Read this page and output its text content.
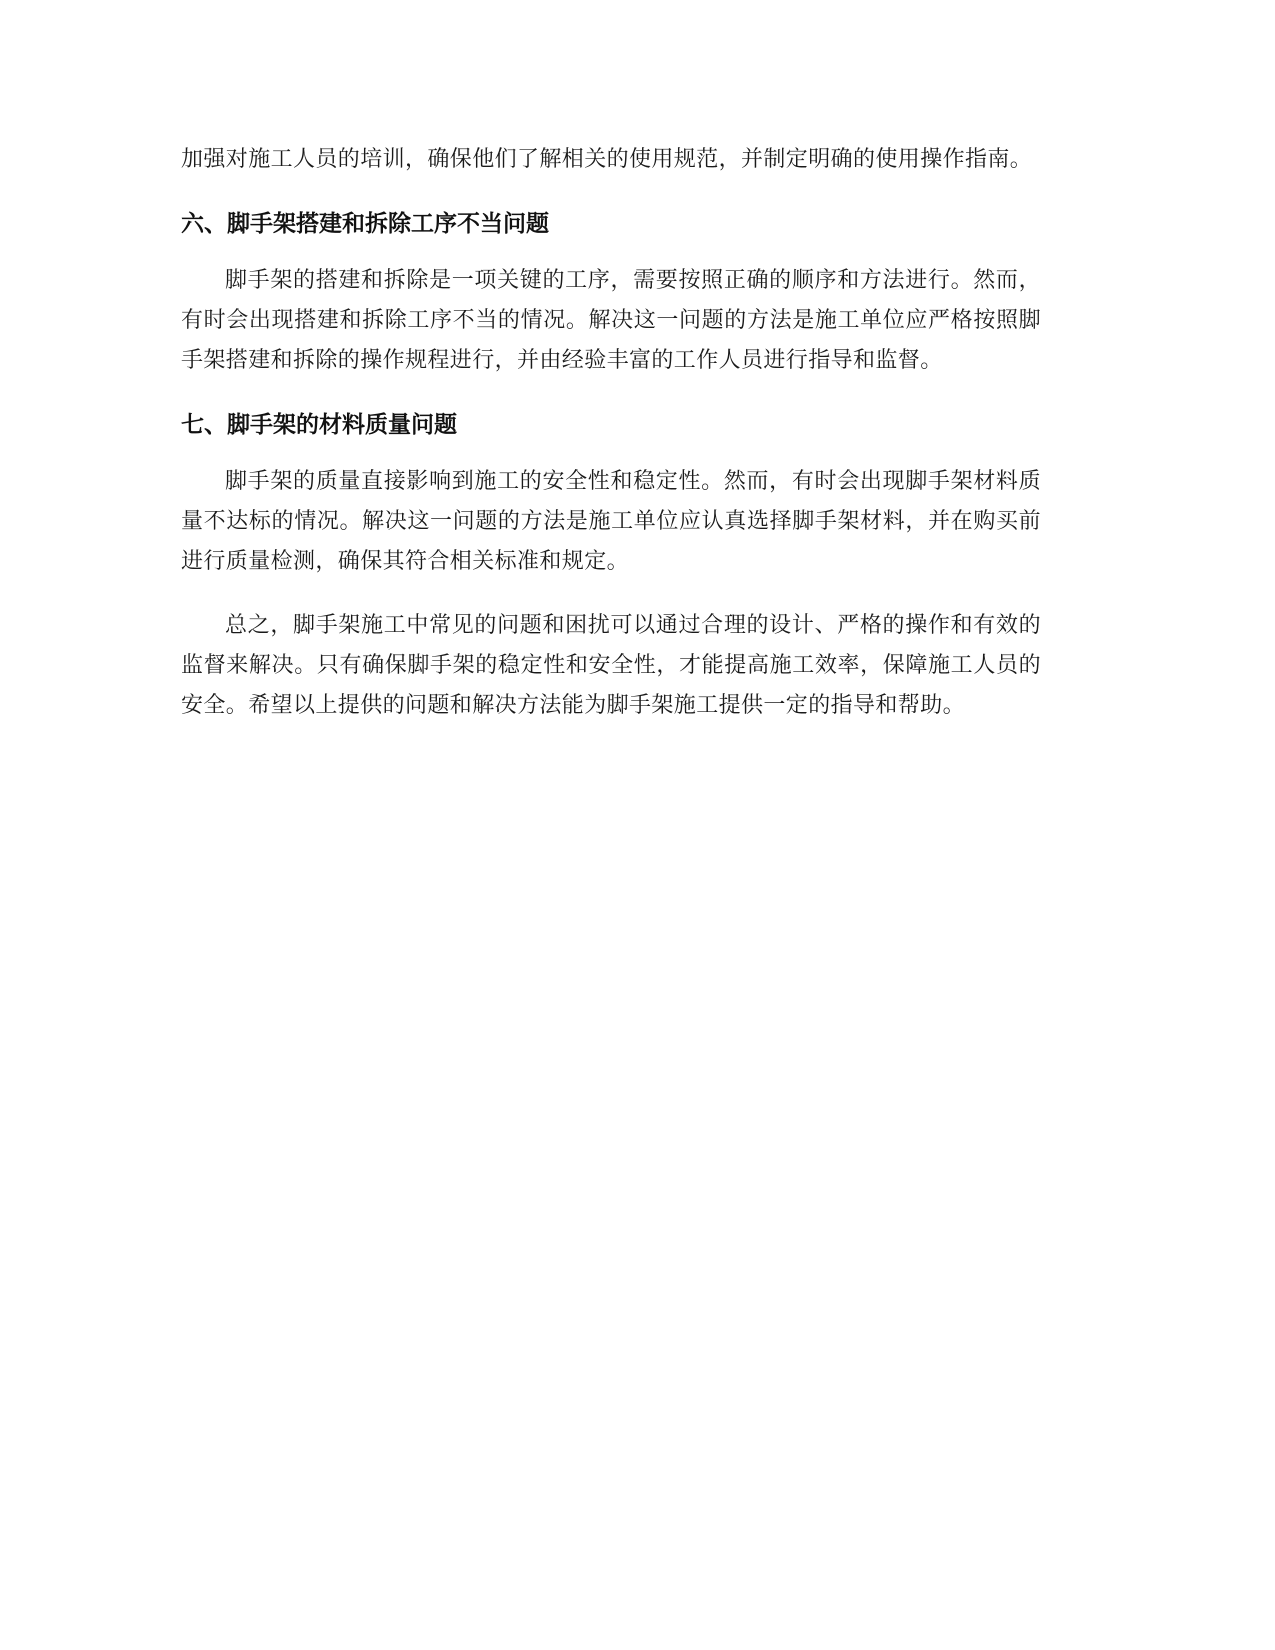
加强对施工人员的培训，确保他们了解相关的使用规范，并制定明确的使用操作指南。

六、脚手架搭建和拆除工序不当问题

脚手架的搭建和拆除是一项关键的工序，需要按照正确的顺序和方法进行。然而，有时会出现搭建和拆除工序不当的情况。解决这一问题的方法是施工单位应严格按照脚手架搭建和拆除的操作规程进行，并由经验丰富的工作人员进行指导和监督。

七、脚手架的材料质量问题

脚手架的质量直接影响到施工的安全性和稳定性。然而，有时会出现脚手架材料质量不达标的情况。解决这一问题的方法是施工单位应认真选择脚手架材料，并在购买前进行质量检测，确保其符合相关标准和规定。

总之，脚手架施工中常见的问题和困扰可以通过合理的设计、严格的操作和有效的监督来解决。只有确保脚手架的稳定性和安全性，才能提高施工效率，保障施工人员的安全。希望以上提供的问题和解决方法能为脚手架施工提供一定的指导和帮助。
